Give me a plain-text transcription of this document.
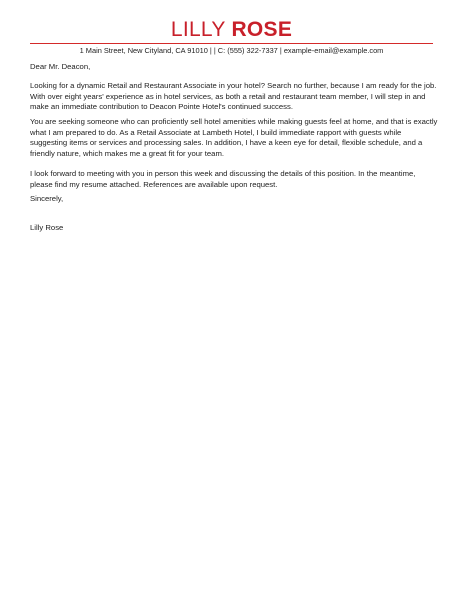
LILLY ROSE
1 Main Street, New Cityland, CA 91010 | | C: (555) 322-7337 | example-email@example.com

Dear Mr. Deacon,

Looking for a dynamic Retail and Restaurant Associate in your hotel? Search no further, because I am ready for the job. With over eight years' experience as in hotel services, as both a retail and restaurant team member, I will step in and make an immediate contribution to Deacon Pointe Hotel's continued success.

You are seeking someone who can proficiently sell hotel amenities while making guests feel at home, and that is exactly what I am prepared to do. As a Retail Associate at Lambeth Hotel, I build immediate rapport with guests while suggesting items or services and processing sales. In addition, I have a keen eye for detail, flexible schedule, and a friendly nature, which makes me a great fit for your team.

I look forward to meeting with you in person this week and discussing the details of this position. In the meantime, please find my resume attached. References are available upon request.

Sincerely,

Lilly Rose
